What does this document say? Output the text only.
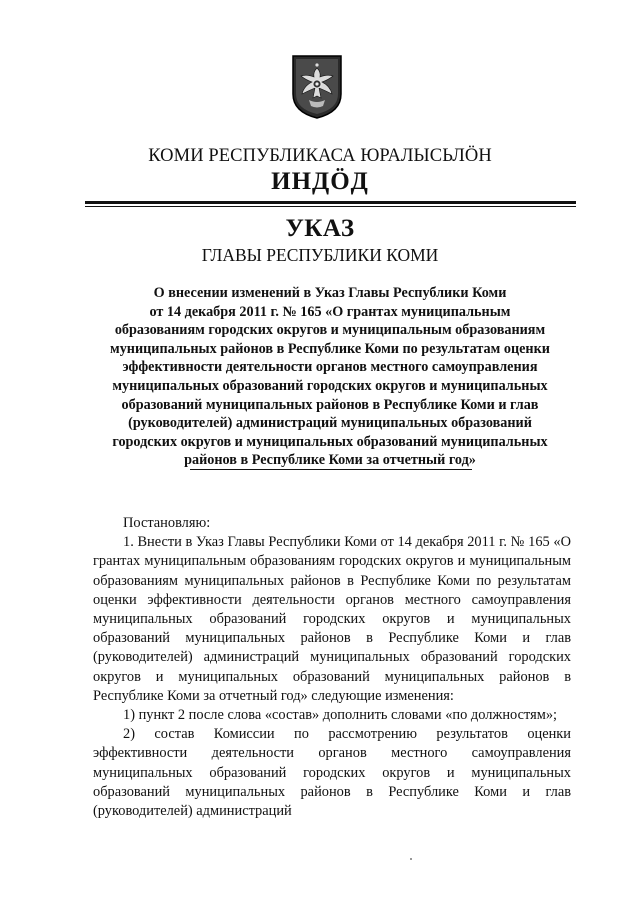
КОМИ РЕСПУБЛИКАСА ЮРАЛЫСЬЛӦН
ИНДӦД
УКАЗ
ГЛАВЫ РЕСПУБЛИКИ КОМИ
О внесении изменений в Указ Главы Республики Коми
от 14 декабря 2011 г. № 165 «О грантах муниципальным
образованиям городских округов и муниципальным образованиям
муниципальных районов в Республике Коми по результатам оценки
эффективности деятельности органов местного самоуправления
муниципальных образований городских округов и муниципальных
образований муниципальных районов в Республике Коми и глав
(руководителей) администраций муниципальных образований
городских округов и муниципальных образований муниципальных
районов в Республике Коми за отчетный год»

Постановляю:

1. Внести в Указ Главы Республики Коми от 14 декабря 2011 г. № 165 «О грантах муниципальным образованиям городских округов и муниципальным образованиям муниципальных районов в Республике Коми по результатам оценки эффективности деятельности органов местного самоуправления муниципальных образований городских округов и муниципальных образований муниципальных районов в Республике Коми и глав (руководителей) администраций муниципальных образований городских округов и муниципальных образований муниципальных районов в Республике Коми за отчетный год» следующие изменения:

1) пункт 2 после слова «состав» дополнить словами «по должностям»;

2) состав Комиссии по рассмотрению результатов оценки эффективности деятельности органов местного самоуправления муниципальных образований городских округов и муниципальных образований муниципальных районов в Республике Коми и глав (руководителей) администраций
